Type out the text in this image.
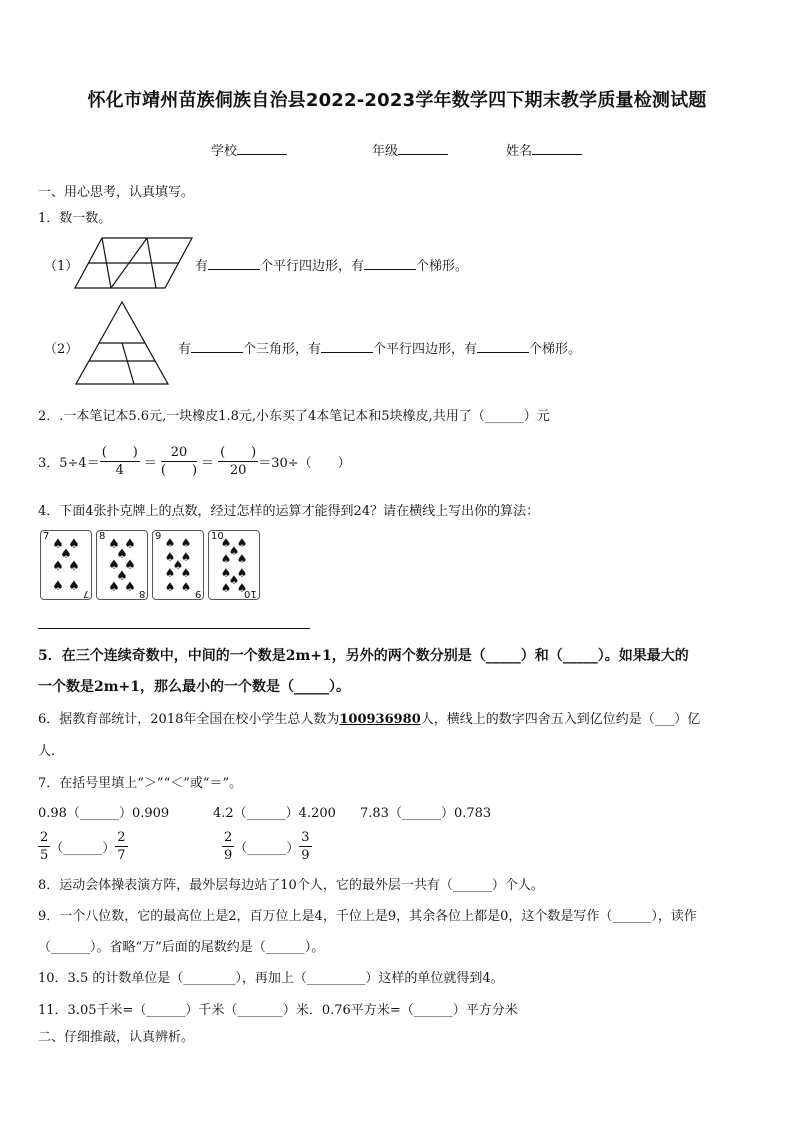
怀化市靖州苗族侗族自治县2022-2023学年数学四下期末教学质量检测试题
学校	年级	姓名
一、用心思考，认真填写。
1．数一数。
（1）	有	个平行四边形，有	个梯形。
（2）	有	个三角形，有	个平行四边形，有	个梯形。
2．.一本笔记本5.6元,一块橡皮1.8元,小东买了4本笔记本和5块橡皮,共用了（______）元
3．$5\div 4= \frac{( )}{4} = \frac{20}{( )} = \frac{( )}{20} =30\div$（　　）
4．下面4张扑克牌上的点数，经过怎样的运算才能得到24？请在横线上写出你的算法：
7
7
♠ ♠
♠
♠ ♠
♠ ♠
8
8
♠ ♠
♠
♠ ♠
♠
♠ ♠
9
9
♠ ♠
♠ ♠
♠
♠ ♠
♠ ♠
10
10
♠ ♠
♠
♠ ♠
♠ ♠
♠
♠ ♠
5．在三个连续奇数中，中间的一个数是2m+1，另外的两个数分别是（_____）和（_____）。如果最大的
一个数是2m+1，那么最小的一个数是（_____）。
6．据教育部统计，2018年全国在校小学生总人数为100936980人，横线上的数字四舍五入到亿位约是（___）亿
人.
7．在括号里填上“＞”“＜”或“＝”。
0.98（______）0.909	4.2（______）4.200 7.83（______）0.783
$\frac{2}{5}$ （______） $\frac{2}{7}$	$\frac{2}{9}$ （______） $\frac{3}{9}$
8．运动会体操表演方阵，最外层每边站了10个人，它的最外层一共有（______）个人。
9．一个八位数，它的最高位上是2，百万位上是4，千位上是9，其余各位上都是0，这个数是写作（______），读作
（______）。省略“万”后面的尾数约是（______）。
10．3.5 的计数单位是（________），再加上（_________）这样的单位就得到4。
11．3.05千米=（______）千米（_______）米．0.76平方米=（______）平方分米
二、仔细推敲，认真辨析。
